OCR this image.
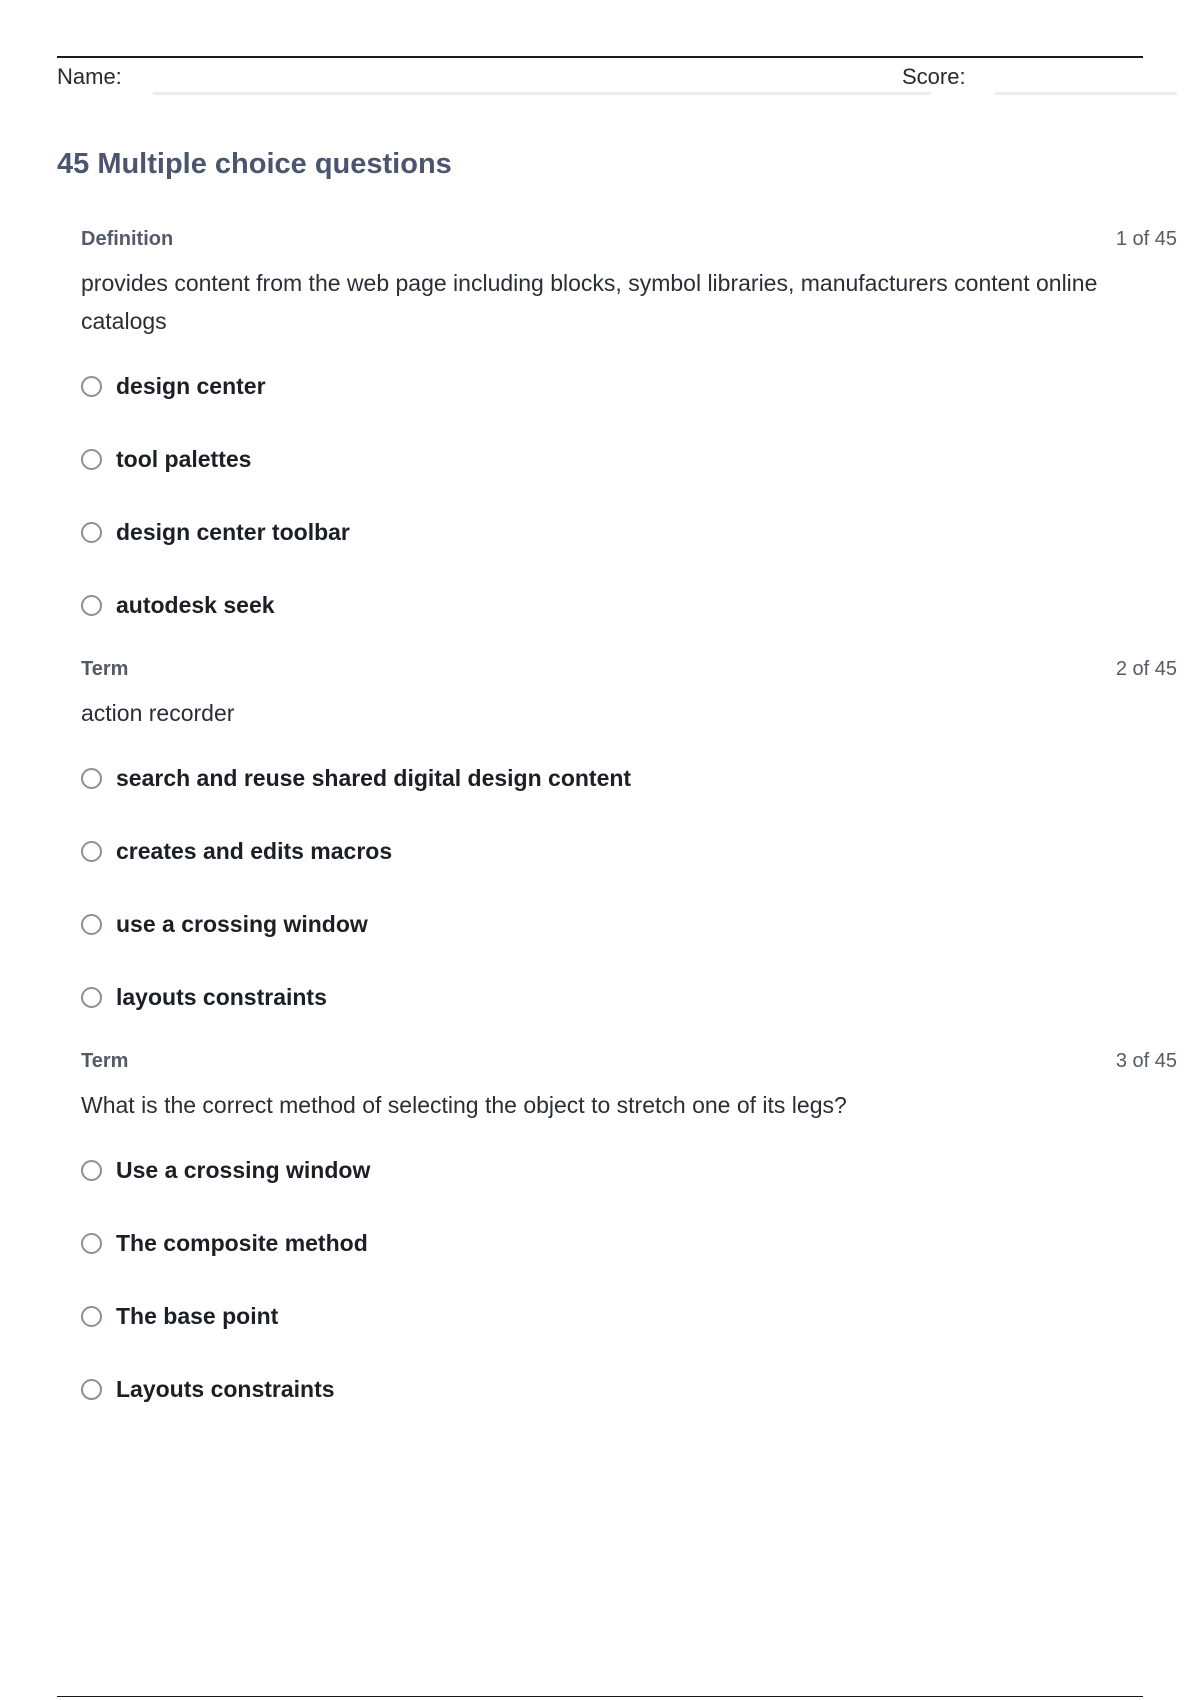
Name:	Score:
45 Multiple choice questions
Definition	1 of 45
provides content from the web page including blocks, symbol libraries, manufacturers content online catalogs
design center
tool palettes
design center toolbar
autodesk seek
Term	2 of 45
action recorder
search and reuse shared digital design content
creates and edits macros
use a crossing window
layouts constraints
Term	3 of 45
What is the correct method of selecting the object to stretch one of its legs?
Use a crossing window
The composite method
The base point
Layouts constraints
